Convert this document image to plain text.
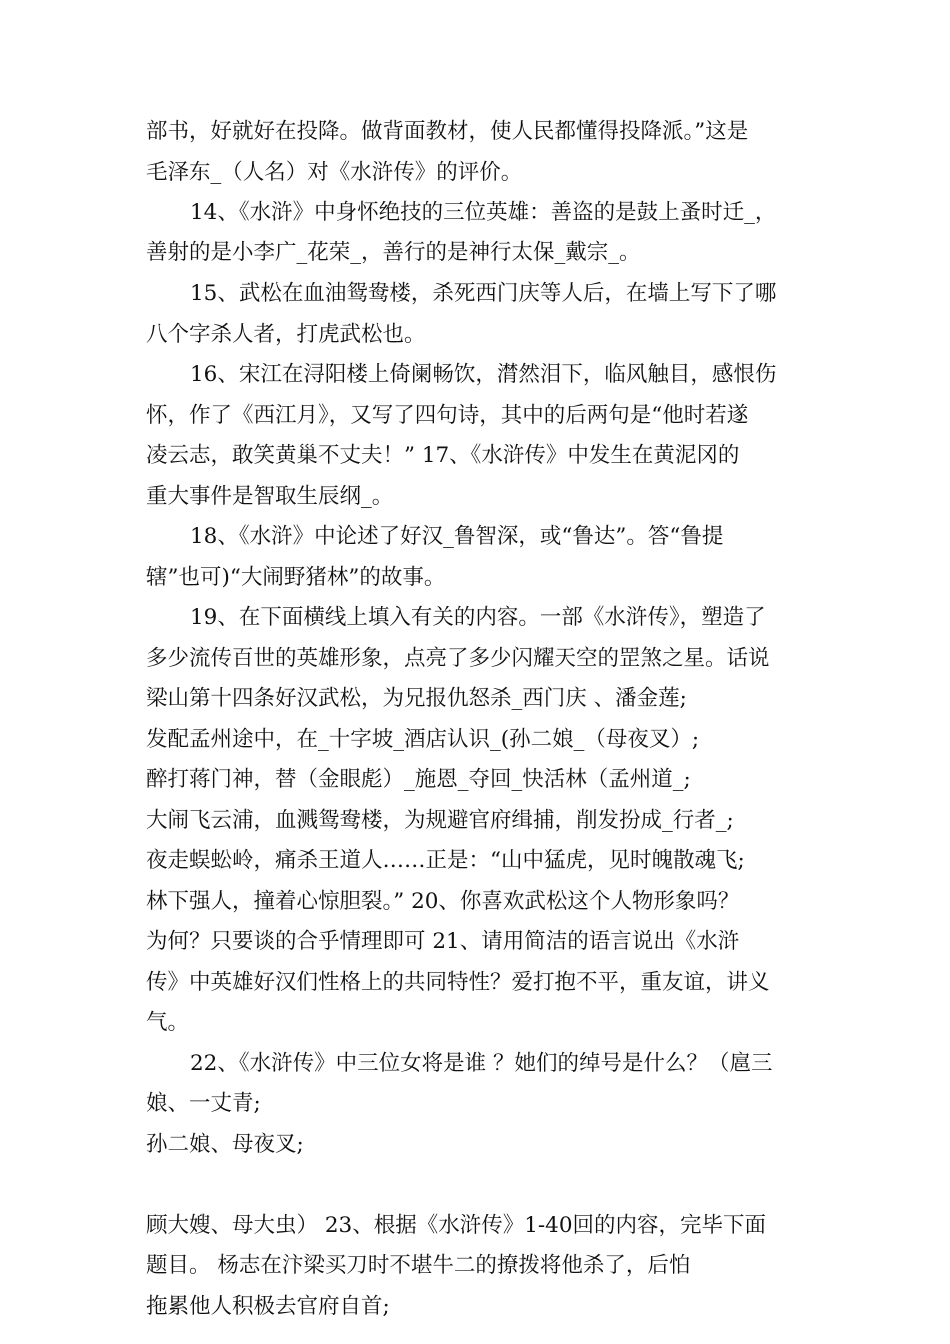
部书，好就好在投降。做背面教材，使人民都懂得投降派。”这是
毛泽东_（人名）对《水浒传》的评价。
14、《水浒》中身怀绝技的三位英雄：善盗的是鼓上蚤时迁_，
善射的是小李广_花荣_，善行的是神行太保_戴宗_。
15、武松在血油鸳鸯楼，杀死西门庆等人后，在墙上写下了哪
八个字杀人者，打虎武松也。
16、宋江在浔阳楼上倚阑畅饮，潸然泪下，临风触目，感恨伤
怀，作了《西江月》，又写了四句诗，其中的后两句是“他时若遂
凌云志，敢笑黄巢不丈夫！” 17、《水浒传》中发生在黄泥冈的
重大事件是智取生辰纲_。
18、《水浒》中论述了好汉_鲁智深，或“鲁达”。答“鲁提
辖”也可)“大闹野猪林”的故事。
19、在下面横线上填入有关的内容。一部《水浒传》，塑造了
多少流传百世的英雄形象，点亮了多少闪耀天空的罡煞之星。话说
梁山第十四条好汉武松，为兄报仇怒杀_西门庆 、潘金莲;
发配孟州途中，在_十字坡_酒店认识_(孙二娘_（母夜叉）;
醉打蒋门神，替（金眼彪）_施恩_夺回_快活林（孟州道_;
大闹飞云浦，血溅鸳鸯楼，为规避官府缉捕，削发扮成_行者_;
夜走蜈蚣岭，痛杀王道人……正是：“山中猛虎，见时魄散魂飞;
林下强人，撞着心惊胆裂。” 20、你喜欢武松这个人物形象吗？
为何？只要谈的合乎情理即可 21、请用简洁的语言说出《水浒
传》中英雄好汉们性格上的共同特性？爱打抱不平，重友谊，讲义
气。
22、《水浒传》中三位女将是谁 ？她们的绰号是什么？（扈三
娘、一丈青;
孙二娘、母夜叉;
顾大嫂、母大虫） 23、根据《水浒传》1-40回的内容，完毕下面
题目。 杨志在汴梁买刀时不堪牛二的撩拨将他杀了，后怕
拖累他人积极去官府自首;
